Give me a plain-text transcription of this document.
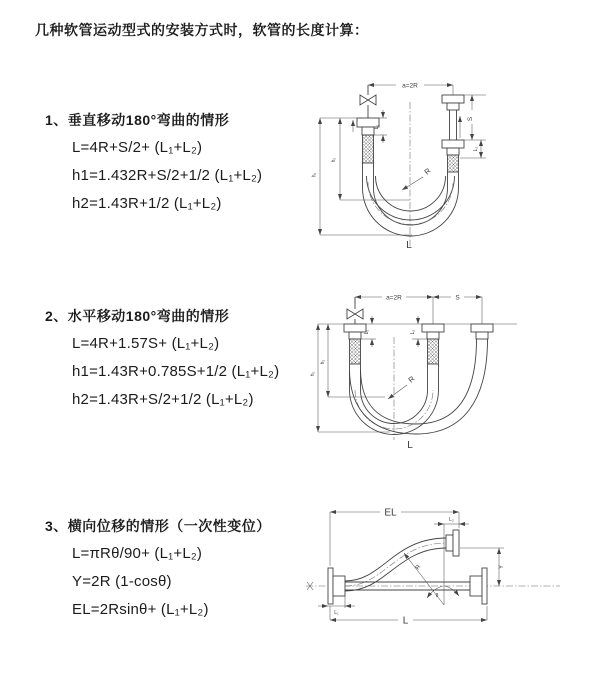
几种软管运动型式的安装方式时，软管的长度计算：
1、垂直移动180°弯曲的情形
L=4R+S/2+ (L₁+L₂)
h1=1.432R+S/2+1/2 (L₁+L₂)
h2=1.43R+1/2 (L₁+L₂)
a=2R
L₁
S
L₂
h₂
h₁	R
L
2、水平移动180°弯曲的情形
L=4R+1.57S+ (L₁+L₂)
h1=1.43R+0.785S+1/2 (L₁+L₂)
h2=1.43R+S/2+1/2 (L₁+L₂)
a=2R	S
L₁	L₂
h₂
h₁
R
L
3、横向位移的情形（一次性变位）
L=πRθ/90+ (L₁+L₂)
Y=2R (1-cosθ)
EL=2Rsinθ+ (L₁+L₂)
EL
L₂
R
θ
Y
L
L₁
